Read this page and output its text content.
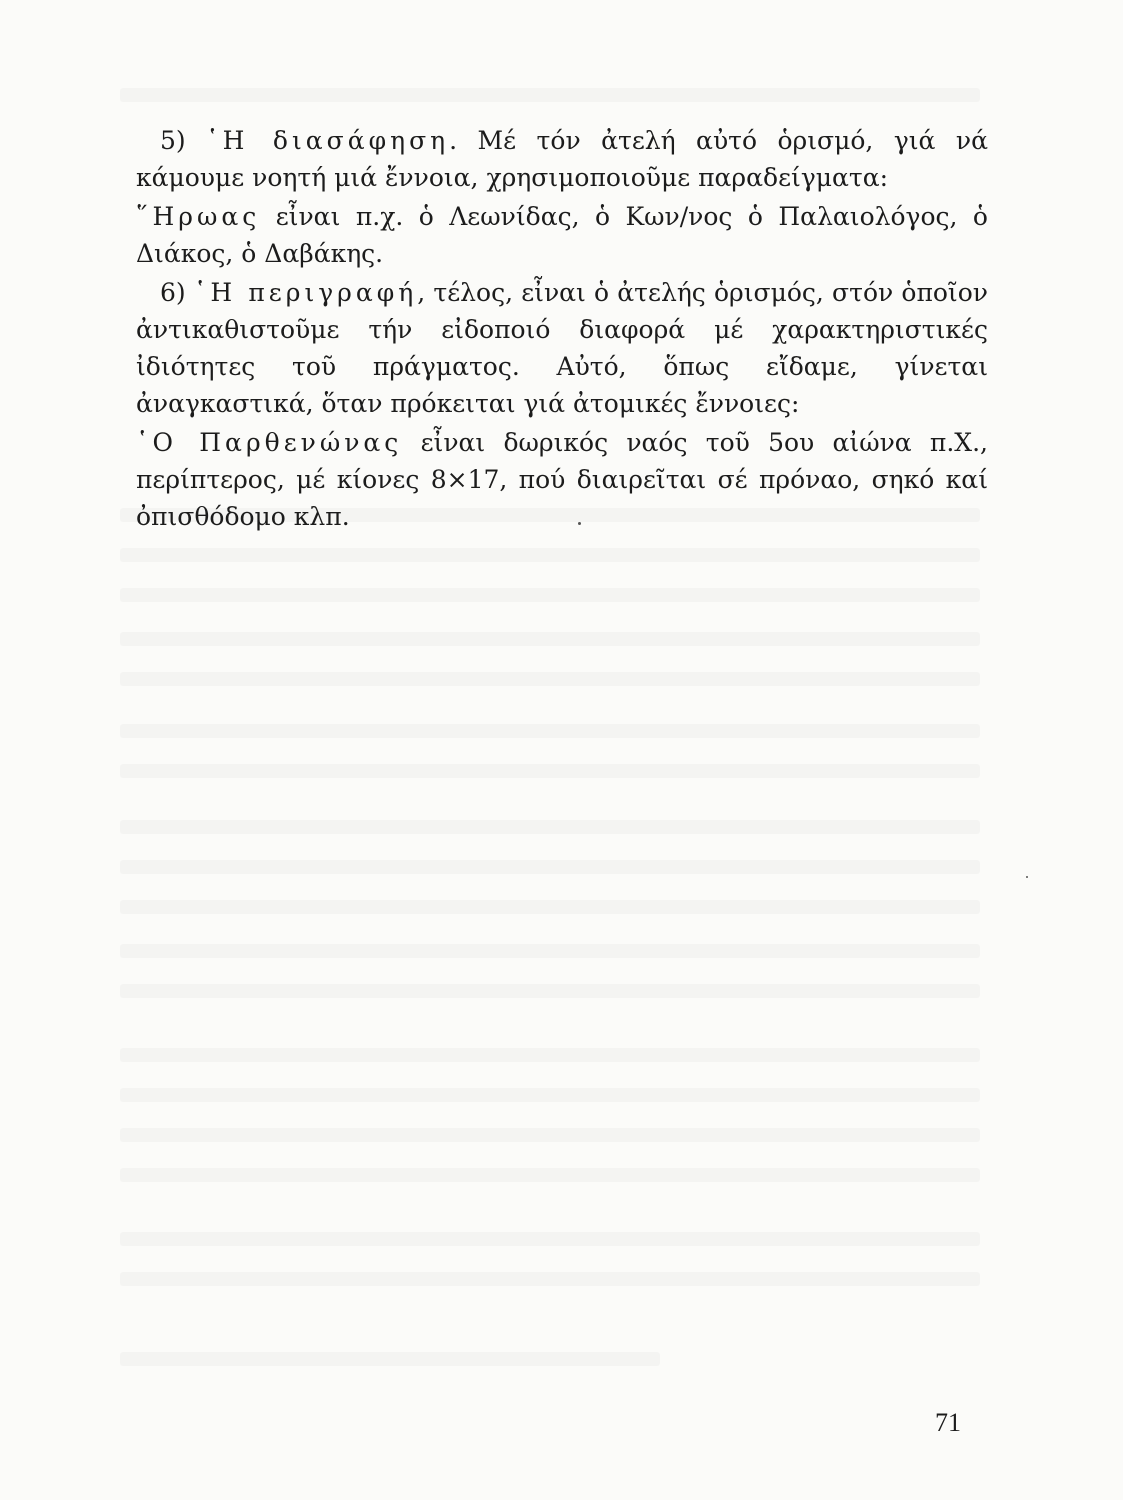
5) ῾Η διασάφηση. Μέ τόν ἀτελή αὐτό ὁρισμό, γιά νά κάμουμε νοητή μιά ἔννοια, χρησιμοποιοῦμε παραδείγματα:

῞Ηρωας εἶναι π.χ. ὁ Λεωνίδας, ὁ Κων/νος ὁ Παλαιολόγος, ὁ Διάκος, ὁ Δαβάκης.

6) ῾Η περιγραφή, τέλος, εἶναι ὁ ἀτελής ὁρισμός, στόν ὁποῖον ἀντικαθιστοῦμε τήν εἰδοποιό διαφορά μέ χαρακτηριστικές ἰδιότητες τοῦ πράγματος. Αὐτό, ὅπως εἴδαμε, γίνεται ἀναγκαστικά, ὅταν πρόκειται γιά ἀτομικές ἔννοιες:

῾Ο Παρθενώνας εἶναι δωρικός ναός τοῦ 5ου αἰώνα π.Χ., περίπτερος, μέ κίονες 8×17, πού διαιρεῖται σέ πρόναο, σηκό καί ὀπισθόδομο κλπ.

71
